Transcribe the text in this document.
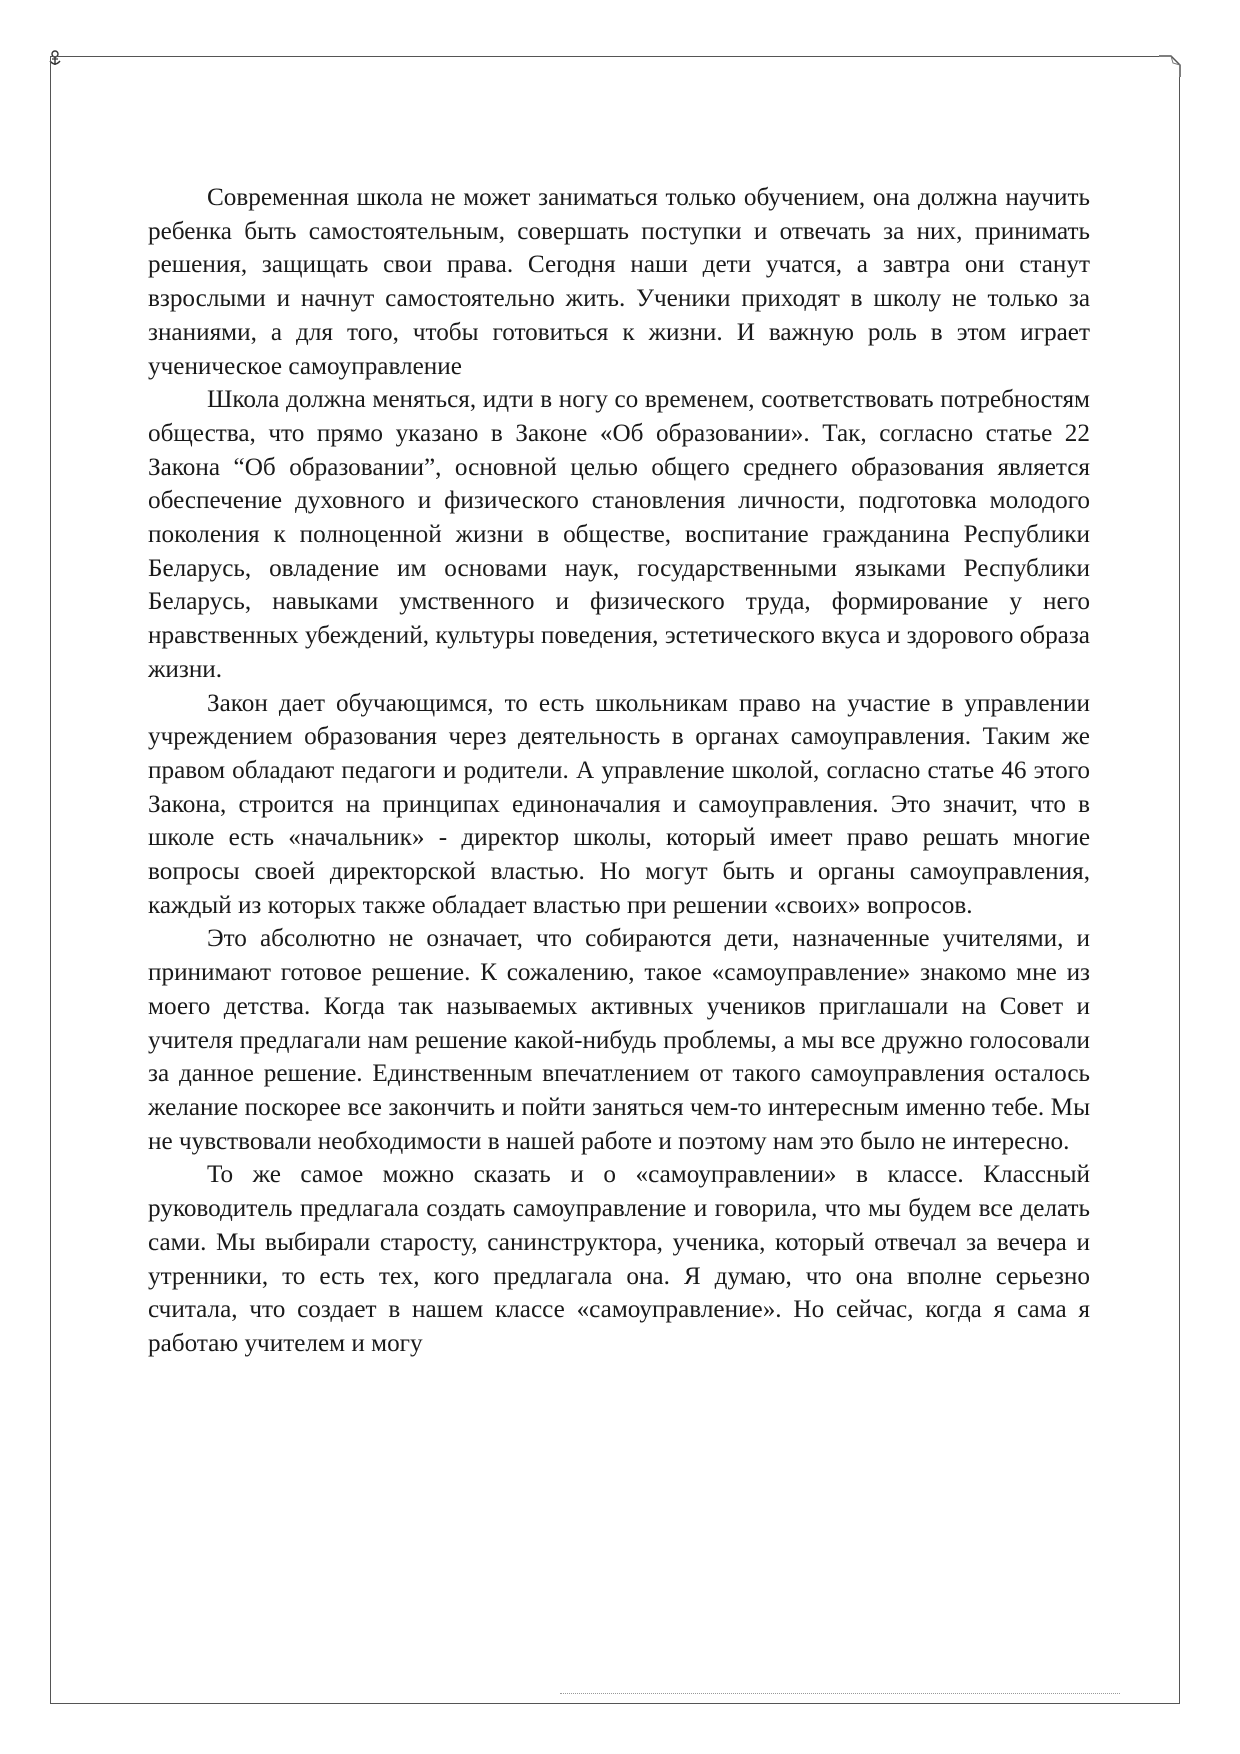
Современная школа не может заниматься только обучением, она должна научить ребенка быть самостоятельным, совершать поступки и отвечать за них, принимать решения, защищать свои права. Сегодня наши дети учатся, а завтра они станут взрослыми и начнут самостоятельно жить. Ученики приходят в школу не только за знаниями, а для того, чтобы готовиться к жизни. И важную роль в этом играет ученическое самоуправление

Школа должна меняться, идти в ногу со временем, соответствовать потребностям общества, что прямо указано в Законе «Об образовании». Так, согласно статье 22 Закона “Об образовании”, основной целью общего среднего образования является обеспечение духовного и физического становления личности, подготовка молодого поколения к полноценной жизни в обществе, воспитание гражданина Республики Беларусь, овладение им основами наук, государственными языками Республики Беларусь, навыками умственного и физического труда, формирование у него нравственных убеждений, культуры поведения, эстетического вкуса и здорового образа жизни.

Закон дает обучающимся, то есть школьникам право на участие в управлении учреждением образования через деятельность в органах самоуправления. Таким же правом обладают педагоги и родители. А управление школой, согласно статье 46 этого Закона, строится на принципах единоначалия и самоуправления. Это значит, что в школе есть «начальник» - директор школы, который имеет право решать многие вопросы своей директорской властью. Но могут быть и органы самоуправления, каждый из которых также обладает властью при решении «своих» вопросов.

Это абсолютно не означает, что собираются дети, назначенные учителями, и принимают готовое решение. К сожалению, такое «самоуправление» знакомо мне из моего детства. Когда так называемых активных учеников приглашали на Совет и учителя предлагали нам решение какой-нибудь проблемы, а мы все дружно голосовали за данное решение. Единственным впечатлением от такого самоуправления осталось желание поскорее все закончить и пойти заняться чем-то интересным именно тебе. Мы не чувствовали необходимости в нашей работе и поэтому нам это было не интересно.

То же самое можно сказать и о «самоуправлении» в классе. Классный руководитель предлагала создать самоуправление и говорила, что мы будем все делать сами. Мы выбирали старосту, санинструктора, ученика, который отвечал за вечера и утренники, то есть тех, кого предлагала она. Я думаю, что она вполне серьезно считала, что создает в нашем классе «самоуправление». Но сейчас, когда я сама я работаю учителем и могу
